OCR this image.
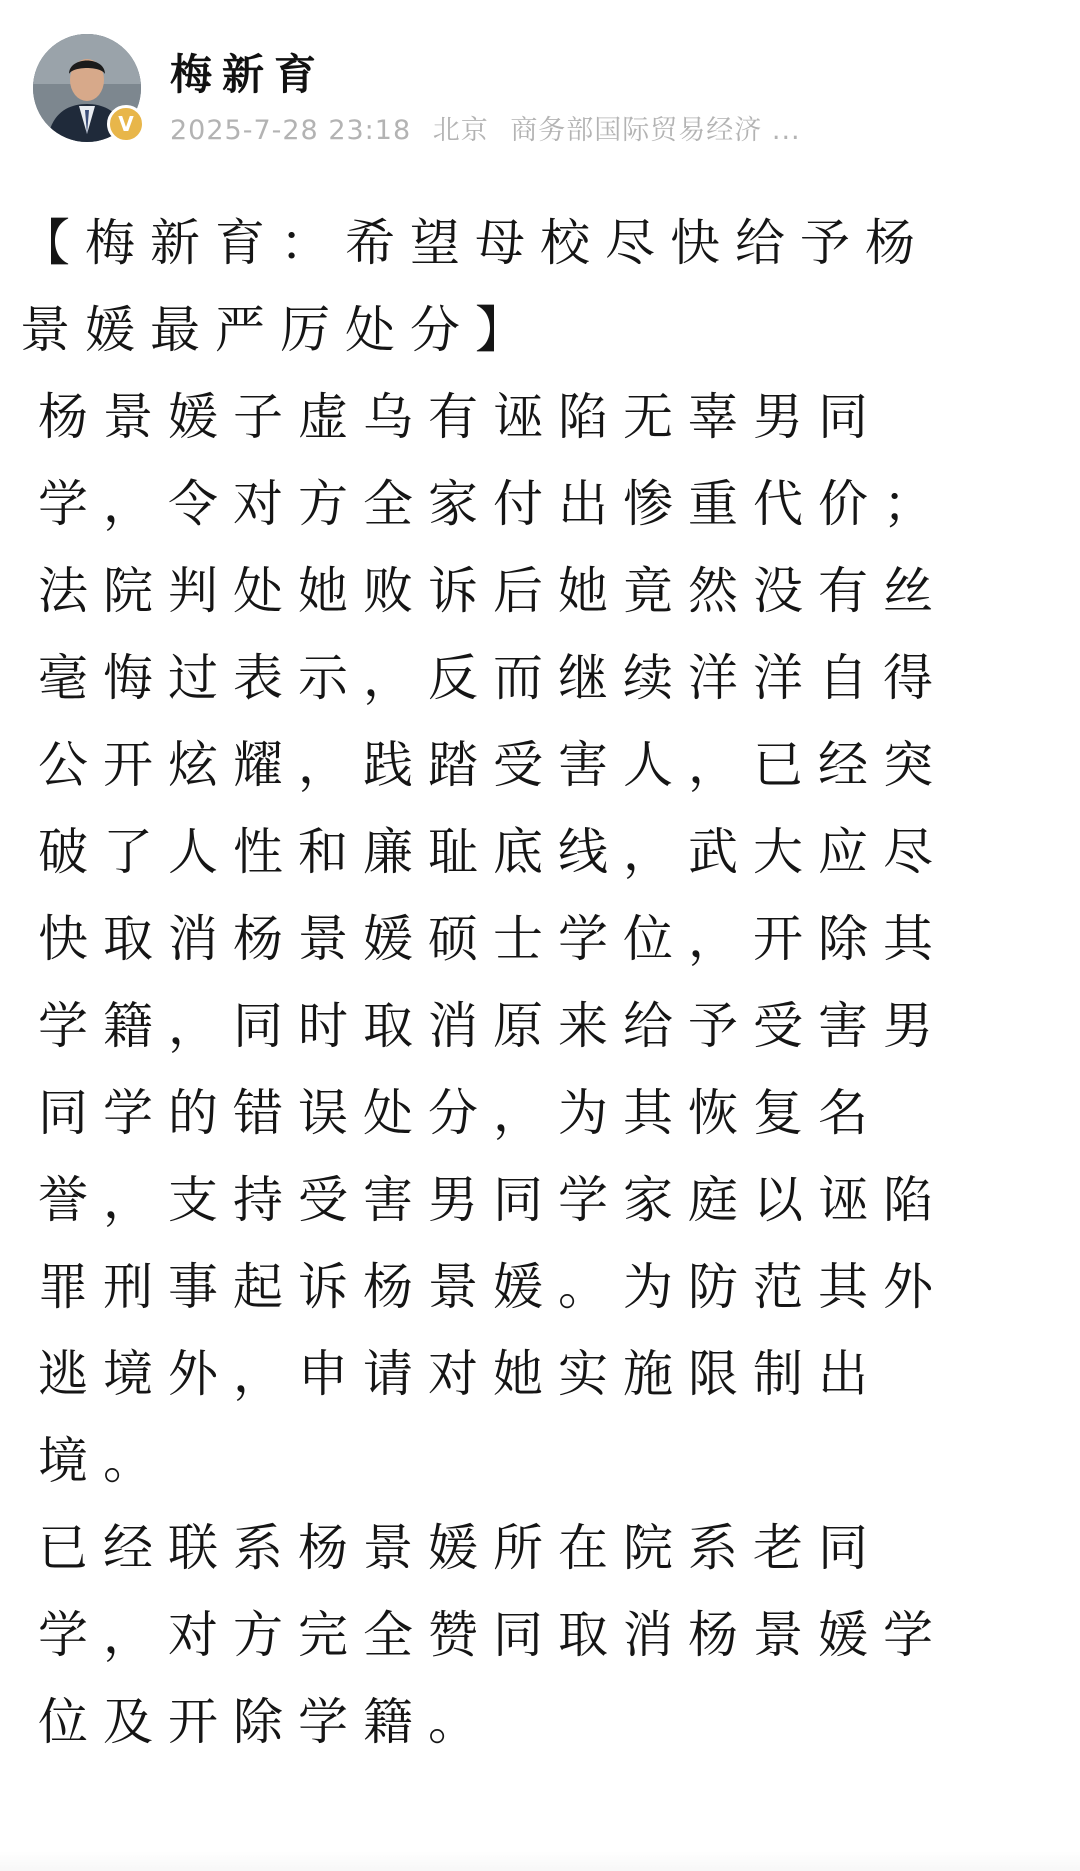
V
梅新育
2025-7-28 23:18 北京 商务部国际贸易经济 ...

【梅新育：希望母校尽快给予杨景媛最严厉处分】

杨景媛子虚乌有诬陷无辜男同学，令对方全家付出惨重代价；法院判处她败诉后她竟然没有丝毫悔过表示，反而继续洋洋自得公开炫耀，践踏受害人，已经突破了人性和廉耻底线，武大应尽快取消杨景媛硕士学位，开除其学籍，同时取消原来给予受害男同学的错误处分，为其恢复名誉，支持受害男同学家庭以诬陷罪刑事起诉杨景媛。为防范其外逃境外，申请对她实施限制出境。

已经联系杨景媛所在院系老同学，对方完全赞同取消杨景媛学位及开除学籍。
